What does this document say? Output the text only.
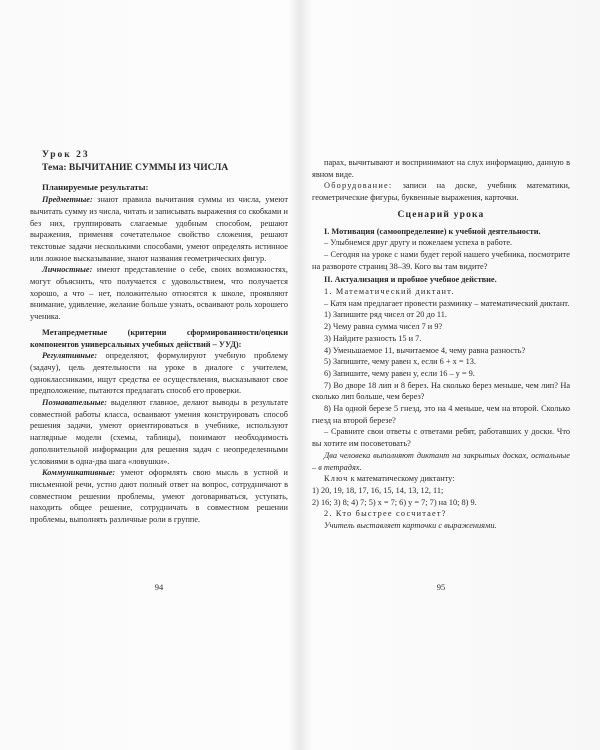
Урок 23

Тема: ВЫЧИТАНИЕ СУММЫ ИЗ ЧИСЛА

Планируемые результаты:

Предметные: знают правила вычитания суммы из числа, умеют вычитать сумму из числа, читать и записывать выражения со скобками и без них, группировать слагаемые удобным способом, решают выражения, применяя сочетательное свойство сложения, решают текстовые задачи несколькими способами, умеют определять истинное или ложное высказывание, знают названия геометрических фигур.

Личностные: имеют представление о себе, своих возможностях, могут объяснить, что получается с удовольствием, что получается хорошо, а что – нет, положительно относятся к школе, проявляют внимание, удивление, желание больше узнать, осваивают роль хорошего ученика.

Метапредметные (критерии сформированности/оценки компонентов универсальных учебных действий – УУД):

Регулятивные: определяют, формулируют учебную проблему (задачу), цель деятельности на уроке в диалоге с учителем, одноклассниками, ищут средства ее осуществления, высказывают свое предположение, пытаются предлагать способ его проверки.

Познавательные: выделяют главное, делают выводы в результате совместной работы класса, осваивают умения конструировать способ решения задачи, умеют ориентироваться в учебнике, используют наглядные модели (схемы, таблицы), понимают необходимость дополнительной информации для решения задач с неопределенными условиями в одна-два шага «ловушки».

Коммуникативные: умеют оформлять свою мысль в устной и письменной речи, устно дают полный ответ на вопрос, сотрудничают в совместном решении проблемы, умеют договариваться, уступать, находить общее решение, сотрудничать в совместном решении проблемы, выполнять различные роли в группе.

94

парах, вычитывают и воспринимают на слух информацию, данную в явном виде.

Оборудование: записи на доске, учебник математики, геометрические фигуры, буквенные выражения, карточки.

Сценарий урока

I. Мотивация (самоопределение) к учебной деятельности.

– Улыбнемся друг другу и пожелаем успеха в работе.

– Сегодня на уроке с нами будет герой нашего учебника, посмотрите на развороте страниц 38–39. Кого вы там видите?

II. Актуализация и пробное учебное действие.

1. Математический диктант.

– Катя нам предлагает провести разминку – математический диктант.

1) Запишите ряд чисел от 20 до 11.

2) Чему равна сумма чисел 7 и 9?

3) Найдите разность 15 и 7.

4) Уменьшаемое 11, вычитаемое 4, чему равна разность?

5) Запишите, чему равен x, если 6 + x = 13.

6) Запишите, чему равен y, если 16 – y = 9.

7) Во дворе 18 лип и 8 берез. На сколько берез меньше, чем лип? На сколько лип больше, чем берез?

8) На одной березе 5 гнезд, это на 4 меньше, чем на второй. Сколько гнезд на второй березе?

– Сравните свои ответы с ответами ребят, работавших у доски. Что вы хотите им посоветовать?

Два человека выполняют диктант на закрытых досках, остальные – в тетрадях.

Ключ к математическому диктанту:

1) 20, 19, 18, 17, 16, 15, 14, 13, 12, 11;

2) 16; 3) 8; 4) 7; 5) x = 7; 6) y = 7; 7) на 10; 8) 9.

2. Кто быстрее сосчитает?

Учитель выставляет карточки с выражениями.

95
